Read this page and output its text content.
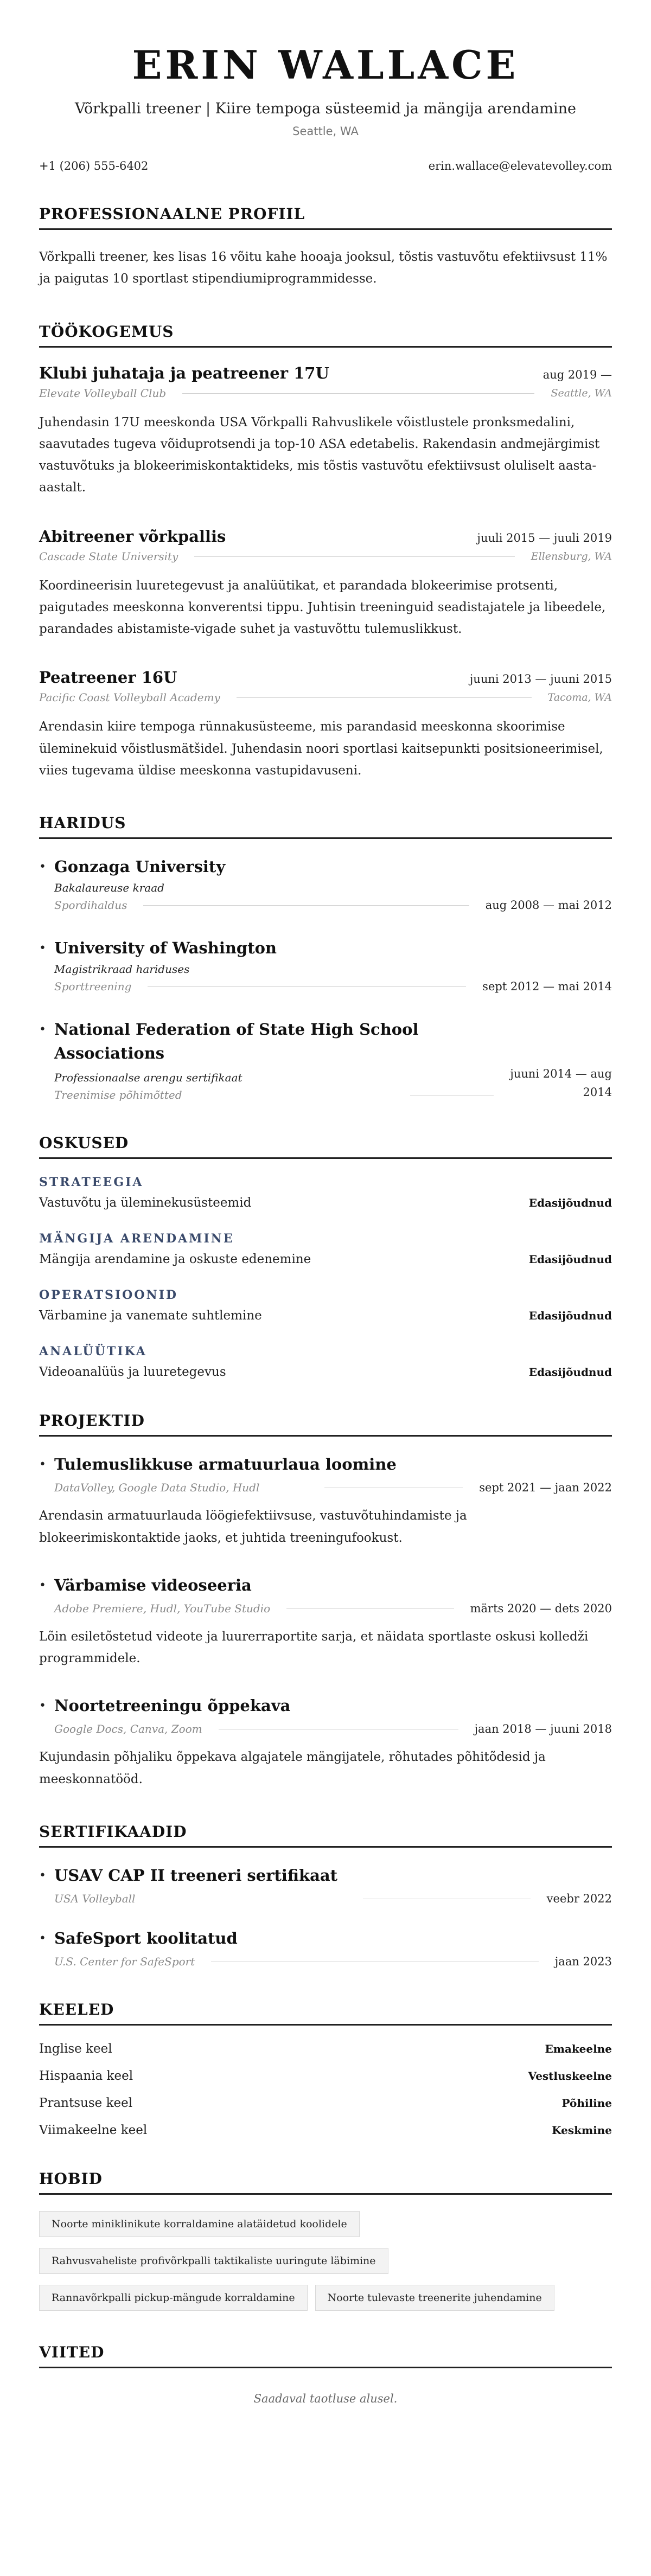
ERIN WALLACE
Võrkpalli treener | Kiire tempoga süsteemid ja mängija arendamine
Seattle, WA
+1 (206) 555-6402	erin.wallace@elevatevolley.com
PROFESSIONAALNE PROFIIL

Võrkpalli treener, kes lisas 16 võitu kahe hooaja jooksul, tõstis vastuvõtu efektiivsust 11% ja paigutas 10 sportlast stipendiumiprogrammidesse.

TÖÖKOGEMUS
Klubi juhataja ja peatreener 17U	aug 2019 —
Elevate Volleyball Club	Seattle, WA

Juhendasin 17U meeskonda USA Võrkpalli Rahvuslikele võistlustele pronksmedalini, saavutades tugeva võiduprotsendi ja top-10 ASA edetabelis. Rakendasin andmejärgimist vastuvõtuks ja blokeerimiskontaktideks, mis tõstis vastuvõtu efektiivsust oluliselt aasta-aastalt.

Abitreener võrkpallis	juuli 2015 — juuli 2019
Cascade State University	Ellensburg, WA

Koordineerisin luuretegevust ja analüütikat, et parandada blokeerimise protsenti, paigutades meeskonna konverentsi tippu. Juhtisin treeninguid seadistajatele ja libeedele, parandades abistamiste-vigade suhet ja vastuvõttu tulemuslikkust.

Peatreener 16U	juuni 2013 — juuni 2015
Pacific Coast Volleyball Academy	Tacoma, WA

Arendasin kiire tempoga rünnakusüsteeme, mis parandasid meeskonna skoorimise üleminekuid võistlusmätšidel. Juhendasin noori sportlasi kaitsepunkti positsioneerimisel, viies tugevama üldise meeskonna vastupidavuseni.

HARIDUS
• Gonzaga University
Bakalaureuse kraad
Spordihaldus	aug 2008 — mai 2012
• University of Washington
Magistrikraad hariduses
Sporttreening	sept 2012 — mai 2014
• National Federation of State High School Associations
Professionaalse arengu sertifikaat
Treenimise põhimõtted
juuni 2014 — aug
2014
OSKUSED
STRATEEGIA
Vastuvõtu ja üleminekusüsteemid	Edasijõudnud
MÄNGIJA ARENDAMINE
Mängija arendamine ja oskuste edenemine	Edasijõudnud
OPERATSIOONID
Värbamine ja vanemate suhtlemine	Edasijõudnud
ANALÜÜTIKA
Videoanalüüs ja luuretegevus	Edasijõudnud
PROJEKTID
• Tulemuslikkuse armatuurlaua loomine
DataVolley, Google Data Studio, Hudl	sept 2021 — jaan 2022

Arendasin armatuurlauda löögiefektiivsuse, vastuvõtuhindamiste ja blokeerimiskontaktide jaoks, et juhtida treeningufookust.

• Värbamise videoseeria
Adobe Premiere, Hudl, YouTube Studio	märts 2020 — dets 2020

Lõin esiletõstetud videote ja luurerraportite sarja, et näidata sportlaste oskusi kolledži programmidele.

• Noortetreeningu õppekava
Google Docs, Canva, Zoom	jaan 2018 — juuni 2018

Kujundasin põhjaliku õppekava algajatele mängijatele, rõhutades põhitõdesid ja meeskonnatööd.

SERTIFIKAADID
• USAV CAP II treeneri sertifikaat
USA Volleyball	veebr 2022
• SafeSport koolitatud
U.S. Center for SafeSport	jaan 2023
KEELED
Inglise keel	Emakeelne
Hispaania keel	Vestluskeelne
Prantsuse keel	Põhiline
Viimakeelne keel	Keskmine
HOBID
Noorte miniklinikute korraldamine alatäidetud koolidele
Rahvusvaheliste profivõrkpalli taktikaliste uuringute läbimine
Rannavõrkpalli pickup-mängude korraldamine	Noorte tulevaste treenerite juhendamine
VIITED
Saadaval taotluse alusel.
